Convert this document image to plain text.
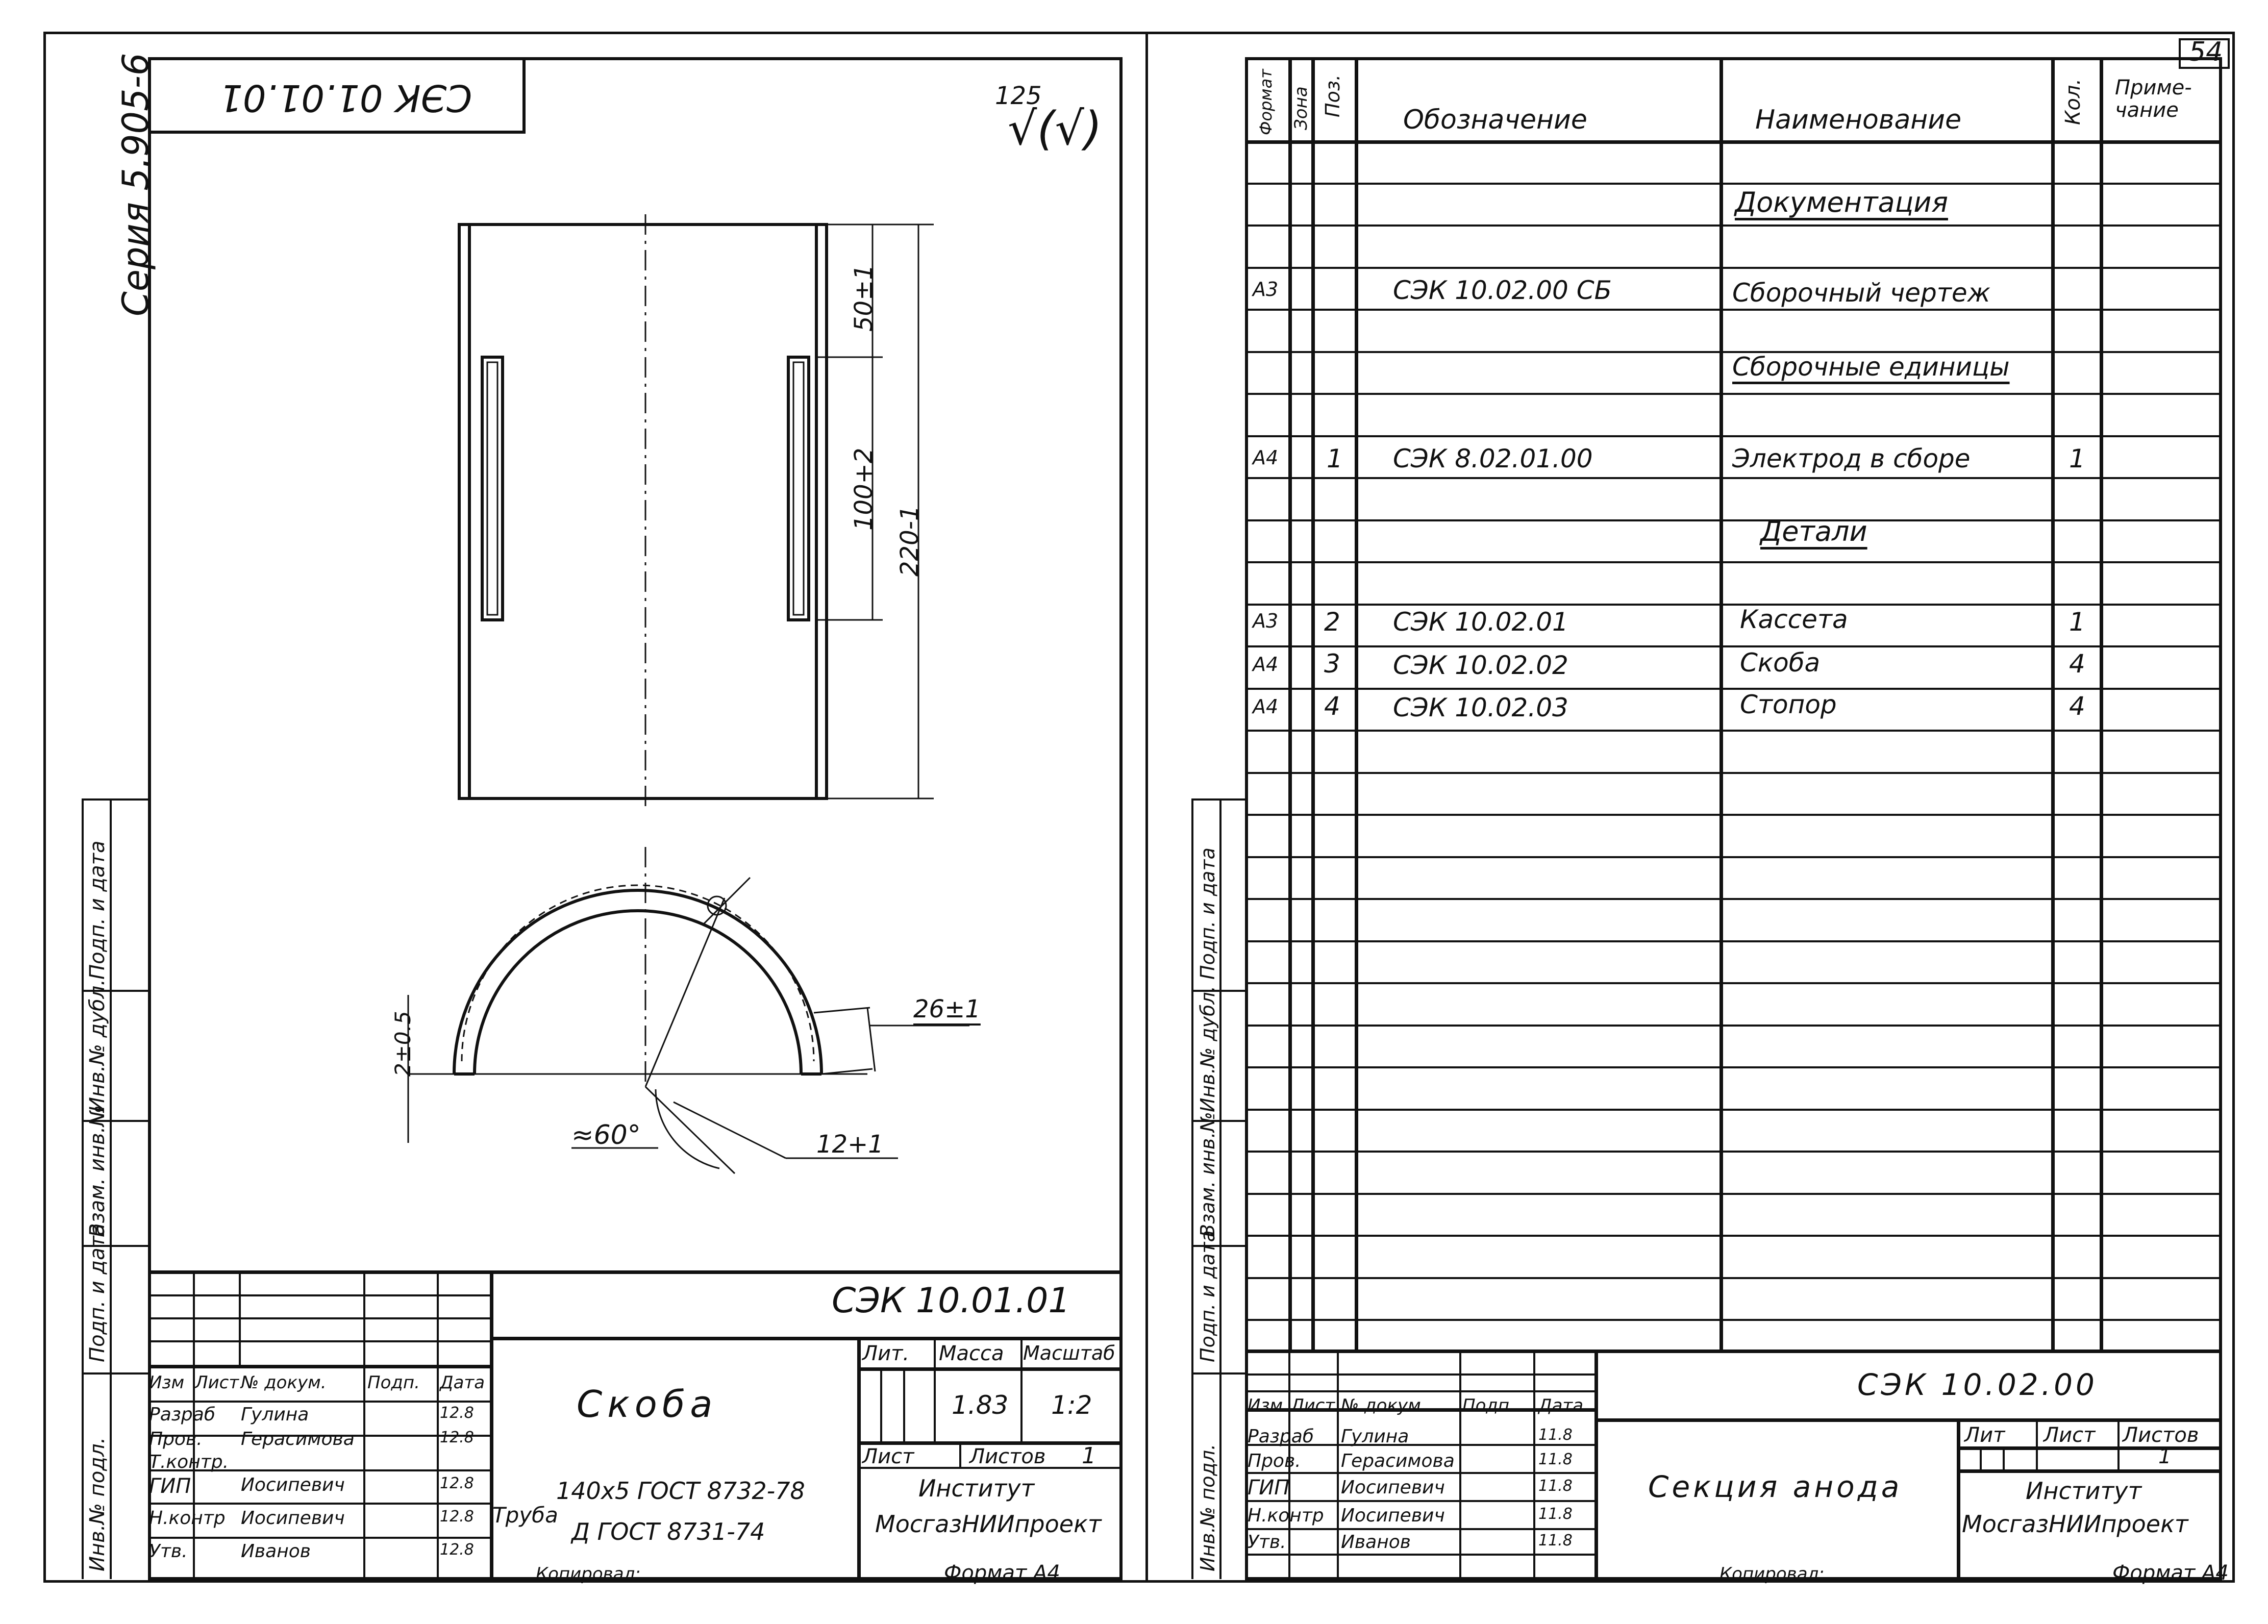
СЭК 01.01.01
Серия 5.905-6	125
√(√)
Подп. и дата
Инв.№ дубл.
Взам. инв.№
Подп. и дата
Инв.№ подл.
50±1
100+2
220-1
26±1
2±0.5
≈60°	12+1
СЭК 10.01.01
Скоба
Изм Лист № докум. Подп. Дата
Разраб Гулина	12.8
Пров. Герасимова	12.8
Т.контр.
ГИП	Иосипевич	12.8
Н.контр Иосипевич	12.8
Утв.	Иванов	12.8
Лит. Масса Масштаб
1.83 1:2
Лист	Листов 1
Труба
140х5 ГОСТ 8732-78
Д ГОСТ 8731-74
Институт
МосгазНИИпроект
Копировал:	Формат А4
54
Подп. и дата
Инв.№ дубл.
Взам. инв.№
Подп. и дата
Инв.№ подл.
Формат Зона Поз.
Обозначение	Наименование	Кол. Приме-чание
Документация
А3	СЭК 10.02.00 СБ	Сборочный чертеж
Сборочные единицы
А4 1 СЭК 8.02.01.00	Электрод в сборе	1
Детали
А3 2 СЭК 10.02.01	Кассета	1
А4 3 СЭК 10.02.02	Скоба	4
А4 4 СЭК 10.02.03	Стопор	4
СЭК 10.02.00
Секция анода
Изм Лист № докум. Подп. Дата
Разраб Гулина	11.8
Пров. Герасимова	11.8
ГИП	Иосипевич	11.8
Н.контр Иосипевич	11.8
Утв.	Иванов	11.8
Лит Лист Листов
1
Институт
МосгазНИИпроект
Копировал:	Формат А4
